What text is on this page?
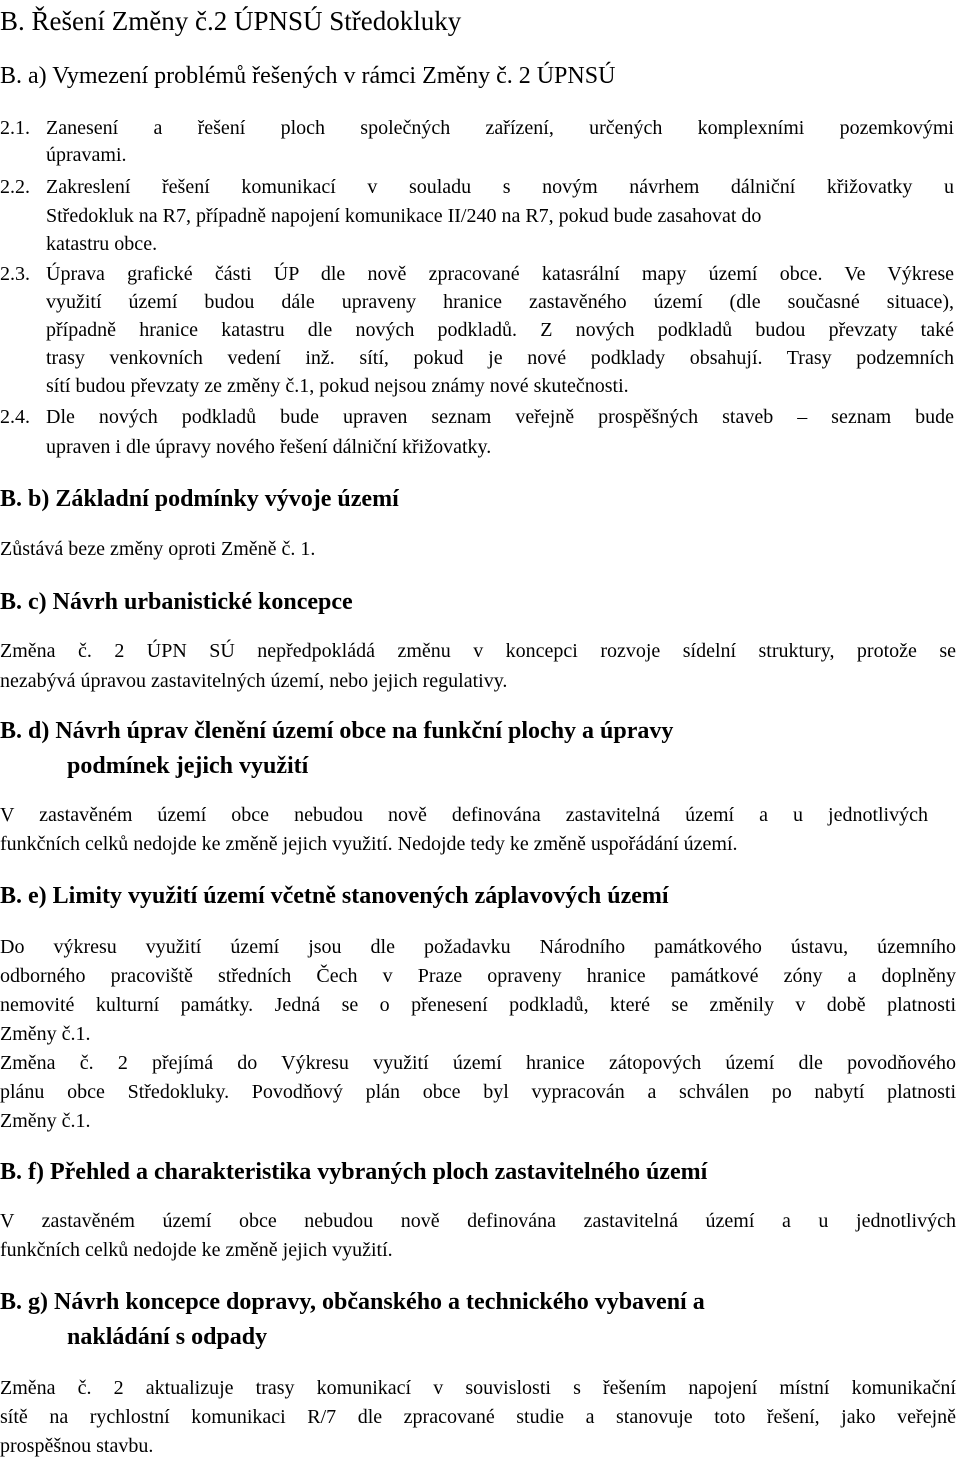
B. Řešení Změny č.2 ÚPNSÚ Středokluky
B. a) Vymezení problémů řešených v rámci Změny č. 2 ÚPNSÚ
2.1. Zanesení a řešení ploch společných zařízení, určených komplexními pozemkovými
úpravami.
2.2. Zakreslení řešení komunikací v souladu s novým návrhem dálniční křižovatky u
Středokluk na R7, případně napojení komunikace II/240 na R7, pokud bude zasahovat do
katastru obce.
2.3. Úprava grafické části ÚP dle nově zpracované katasrální mapy území obce. Ve Výkrese
využití území budou dále upraveny hranice zastavěného území (dle současné situace),
případně hranice katastru dle nových podkladů. Z nových podkladů budou převzaty také
trasy venkovních vedení inž. sítí, pokud je nové podklady obsahují. Trasy podzemních
sítí budou převzaty ze změny č.1, pokud nejsou známy nové skutečnosti.
2.4. Dle nových podkladů bude upraven seznam veřejně prospěšných staveb – seznam bude
upraven i dle úpravy nového řešení dálniční křižovatky.
B. b) Základní podmínky vývoje území
Zůstává beze změny oproti Změně č. 1.
B. c) Návrh urbanistické koncepce
Změna č. 2 ÚPN SÚ nepředpokládá změnu v koncepci rozvoje sídelní struktury, protože se
nezabývá úpravou zastavitelných území, nebo jejich regulativy.
B. d) Návrh úprav členění území obce na funkční plochy a úpravy
podmínek jejich využití
V zastavěném území obce nebudou nově definována zastavitelná území a u jednotlivých
funkčních celků nedojde ke změně jejich využití. Nedojde tedy ke změně uspořádání území.
B. e) Limity využití území včetně stanovených záplavových území
Do výkresu využití území jsou dle požadavku Národního památkového ústavu, územního
odborného pracoviště středních Čech v Praze opraveny hranice památkové zóny a doplněny
nemovité kulturní památky. Jedná se o přenesení podkladů, které se změnily v době platnosti
Změny č.1.
Změna č. 2 přejímá do Výkresu využití území hranice zátopových území dle povodňového
plánu obce Středokluky. Povodňový plán obce byl vypracován a schválen po nabytí platnosti
Změny č.1.
B. f) Přehled a charakteristika vybraných ploch zastavitelného území
V zastavěném území obce nebudou nově definována zastavitelná území a u jednotlivých
funkčních celků nedojde ke změně jejich využití.
B. g) Návrh koncepce dopravy, občanského a technického vybavení a
nakládání s odpady
Změna č. 2 aktualizuje trasy komunikací v souvislosti s řešením napojení místní komunikační
sítě na rychlostní komunikaci R/7 dle zpracované studie a stanovuje toto řešení, jako veřejně
prospěšnou stavbu.
